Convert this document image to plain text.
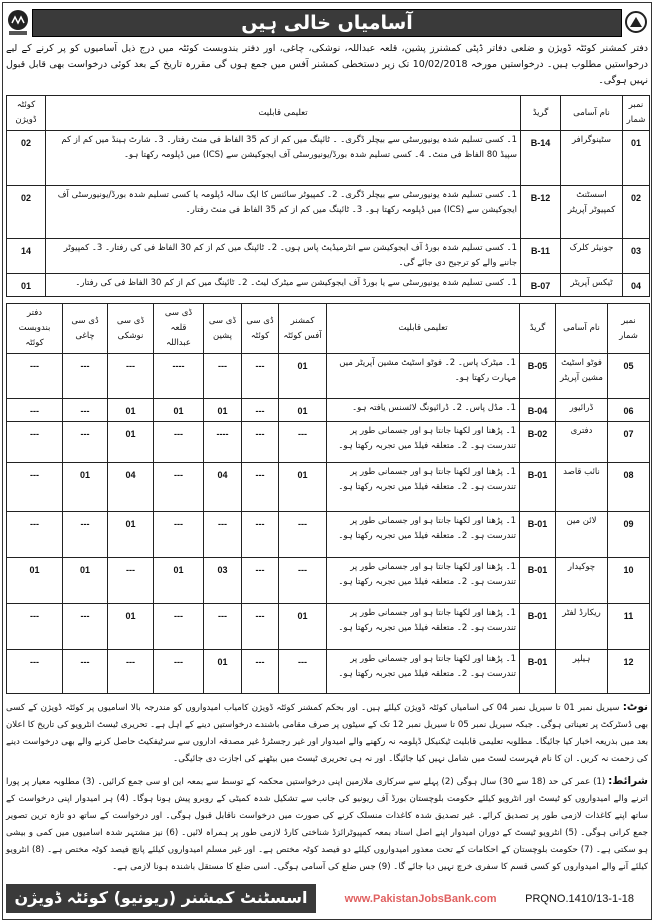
آسامیاں خالی ہیں
دفتر کمشنر کوئٹہ ڈویژن و ضلعی دفاتر ڈپٹی کمشنرز پشین، قلعہ عبداللہ، نوشکی، چاغی، اور دفتر بندوبست کوئٹہ میں درج ذیل آسامیوں کو پر کرنے کے لیے درخواستیں مطلوب ہیں۔ درخواستیں مورخہ 10/02/2018 تک زیر دستخطی کمشنر آفس میں جمع ہوں گی مقررہ تاریخ کے بعد کوئی درخواست بھی قابل قبول نہیں ہوگی۔
نمبر شمار	نام آسامی	گریڈ	تعلیمی قابلیت	کوئٹہ ڈویژن
01	سٹینوگرافر	B-14	1۔ کسی تسلیم شدہ یونیورسٹی سے بیچلر ڈگری۔ ۔ ٹائپنگ میں کم از کم 35 الفاظ فی منٹ رفتار۔ 3۔ شارٹ ہینڈ میں کم از کم سپیڈ 80 الفاظ فی منٹ۔ 4۔ کسی تسلیم شدہ بورڈ/یونیورسٹی آف ایجوکیشن سے (ICS) میں ڈپلومہ رکھتا ہو۔	02
02	اسسٹنٹ کمپیوٹر آپریٹر	B-12	1۔ کسی تسلیم شدہ یونیورسٹی سے بیچلر ڈگری۔ 2۔ کمپیوٹر سائنس کا ایک سالہ ڈپلومہ یا کسی تسلیم شدہ بورڈ/یونیورسٹی آف ایجوکیشن سے (ICS) میں ڈپلومہ رکھتا ہو۔ 3۔ ٹائپنگ میں کم از کم 35 الفاظ فی منٹ رفتار۔	02
03	جونیئر کلرک	B-11	1۔ کسی تسلیم شدہ بورڈ آف ایجوکیشن سے انٹرمیڈیٹ پاس ہوں۔ 2۔ ٹائپنگ میں کم از کم 30 الفاظ فی کی رفتار۔ 3۔ کمپیوٹر جاننے والے کو ترجیح دی جائے گی۔	14
04	ٹیکس آپریٹر	B-07	1۔ کسی تسلیم شدہ یونیورسٹی سے یا بورڈ آف ایجوکیشن سے میٹرک لیٹ۔ 2۔ ٹائپنگ میں کم از کم 30 الفاظ فی کی رفتار۔	01
نمبر شمار	نام آسامی	گریڈ	تعلیمی قابلیت	کمشنر آفس کوئٹہ	ڈی سی کوئٹہ	ڈی سی پشین	ڈی سی قلعہ عبداللہ	ڈی سی نوشکی	ڈی سی چاغی	دفتر بندوبست کوئٹہ
05	فوٹو اسٹیٹ مشین آپریٹر	B-05	1۔ میٹرک پاس۔ 2۔ فوٹو اسٹیٹ مشین آپریٹر میں مہارت رکھتا ہو۔	01	---	---	----	---	---	---
06	ڈرائیور	B-04	1۔ مڈل پاس۔ 2۔ ڈرائیونگ لائسنس یافتہ ہو۔	01	---	01	01	01	---	---
07	دفتری	B-02	1۔ پڑھنا اور لکھنا جانتا ہو اور جسمانی طور پر تندرست ہو۔ 2۔ متعلقہ فیلڈ میں تجربہ رکھتا ہو۔	---	---	----	---	01	---	---
08	نائب قاصد	B-01	1۔ پڑھنا اور لکھنا جانتا ہو اور جسمانی طور پر تندرست ہو۔ 2۔ متعلقہ فیلڈ میں تجربہ رکھتا ہو۔	01	---	04	---	04	01	---
09	لائن مین	B-01	1۔ پڑھنا اور لکھنا جانتا ہو اور جسمانی طور پر تندرست ہو۔ 2۔ متعلقہ فیلڈ میں تجربہ رکھتا ہو۔	---	---	---	---	01	---	---
10	چوکیدار	B-01	1۔ پڑھنا اور لکھنا جانتا ہو اور جسمانی طور پر تندرست ہو۔ 2۔ متعلقہ فیلڈ میں تجربہ رکھتا ہو۔	---	---	03	01	---	01	01
11	ریکارڈ لفٹر	B-01	1۔ پڑھنا اور لکھنا جانتا ہو اور جسمانی طور پر تندرست ہو۔ 2۔ متعلقہ فیلڈ میں تجربہ رکھتا ہو۔	01	---	---	---	01	---	---
12	ہیلپر	B-01	1۔ پڑھنا اور لکھنا جانتا ہو اور جسمانی طور پر تندرست ہو۔ 2۔ متعلقہ فیلڈ میں تجربہ رکھتا ہو۔	---	---	01	---	---	---	---
نوٹ: سیریل نمبر 01 تا سیریل نمبر 04 کی اسامیاں کوئٹہ ڈویژن کیلئے ہیں۔ اور بحکم کمشنر کوئٹہ ڈویژن کامیاب امیدواروں کو مندرجہ بالا اسامیوں پر کوئٹہ ڈویژن کے کسی بھی ڈسٹرکٹ پر تعیناتی ہوگی۔ جبکہ سیریل نمبر 05 تا سیریل نمبر 12 تک کے سیٹوں پر صرف مقامی باشندے درخواستیں دینے کے اہل ہے۔ تحریری ٹیسٹ انٹرویو کی تاریخ کا اعلان بعد میں بذریعہ اخبار کیا جائیگا۔ مطلوبہ تعلیمی قابلیت ٹیکنیکل ڈپلومہ نہ رکھنے والے امیدوار اور غیر رجسٹرڈ غیر مصدقہ اداروں سے سرٹیفکیٹ حاصل کرنے والے بھی درخواست دینے کی زحمت نہ کریں۔ ان کا نام فہرست لسٹ میں شامل نہیں کیا جائیگا۔ اور نہ ہی تحریری ٹیسٹ میں بیٹھنے کی اجازت دی جائیگی۔
شرائط: (1) عمر کی حد (18 سے 30) سال ہوگی (2) پہلے سے سرکاری ملازمین اپنی درخواستیں محکمہ کے توسط سے بمعہ این او سی جمع کرائیں۔ (3) مطلوبہ معیار پر پورا اترنے والے امیدواروں کو ٹیسٹ اور انٹرویو کیلئے حکومت بلوچستان بورڈ آف ریونیو کی جانب سے تشکیل شدہ کمیٹی کے روبرو پیش ہونا ہوگا۔ (4) ہر امیدوار اپنی درخواست کے ساتھ اپنے کاغذات لازمی طور پر تصدیق کرائے۔ غیر تصدیق شدہ کاغذات منسلک کرنے کی صورت میں درخواست ناقابل قبول ہوگی۔ اور درخواست کے ساتھ دو تازہ ترین تصویر جمع کرانی ہوگی۔ (5) انٹرویو ٹیسٹ کے دوران امیدوار اپنے اصل اسناد بمعہ کمپیوٹرائزڈ شناختی کارڈ لازمی طور پر ہمراہ لائیں۔ (6) نیز مشتہر شدہ اسامیوں میں کمی و بیشی ہو سکتی ہے۔ (7) حکومت بلوچستان کے احکامات کے تحت معذور امیدواروں کیلئے دو فیصد کوٹہ مختص ہے۔ اور غیر مسلم امیدواروں کیلئے پانچ فیصد کوٹہ مختص ہے۔ (8) انٹرویو کیلئے آنے والے امیدواروں کو کسی قسم کا سفری خرچ نہیں دیا جائے گا۔ (9) جس ضلع کی آسامی ہوگی۔ اسی ضلع کا مستقل باشندہ ہونا لازمی ہے۔
اسسٹنٹ کمشنر (ریونیو) کوئٹہ ڈویژن	www.PakistanJobsBank.com	PRQNO.1410/13-1-18
